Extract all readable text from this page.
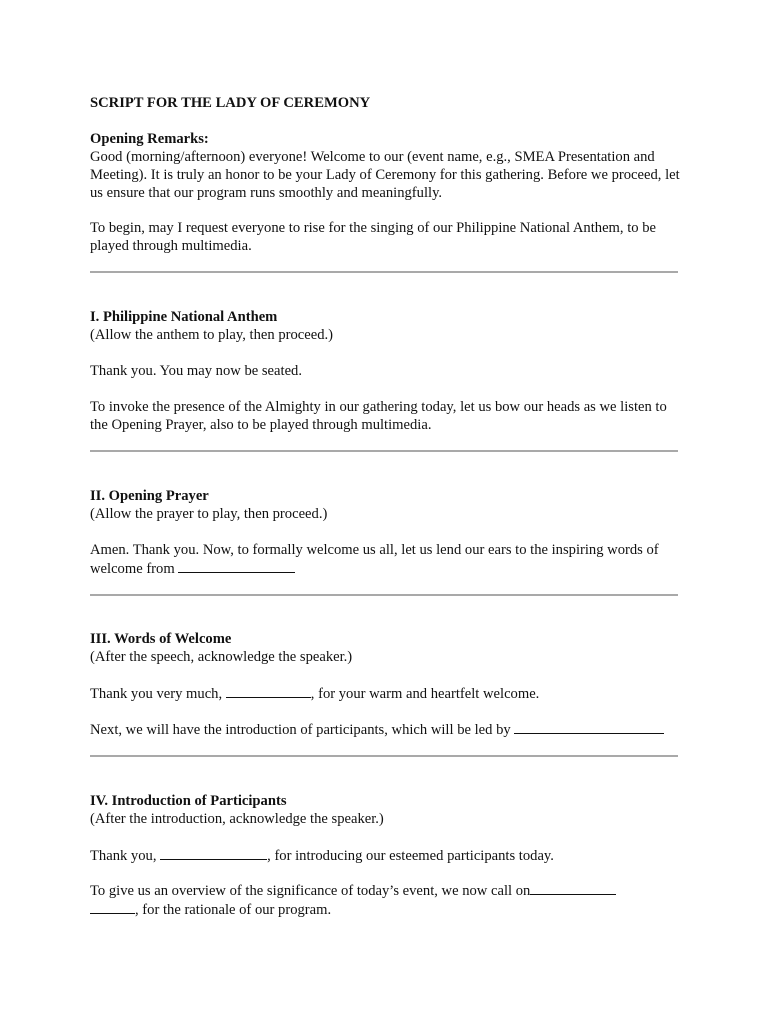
SCRIPT FOR THE LADY OF CEREMONY
Opening Remarks:
Good (morning/afternoon) everyone! Welcome to our (event name, e.g., SMEA Presentation and Meeting). It is truly an honor to be your Lady of Ceremony for this gathering. Before we proceed, let us ensure that our program runs smoothly and meaningfully.
To begin, may I request everyone to rise for the singing of our Philippine National Anthem, to be played through multimedia.
I. Philippine National Anthem
(Allow the anthem to play, then proceed.)
Thank you. You may now be seated.
To invoke the presence of the Almighty in our gathering today, let us bow our heads as we listen to the Opening Prayer, also to be played through multimedia.
II. Opening Prayer
(Allow the prayer to play, then proceed.)
Amen. Thank you. Now, to formally welcome us all, let us lend our ears to the inspiring words of welcome from
III. Words of Welcome
(After the speech, acknowledge the speaker.)
Thank you very much,	, for your warm and heartfelt welcome.
Next, we will have the introduction of participants, which will be led by
IV. Introduction of Participants
(After the introduction, acknowledge the speaker.)
Thank you,	, for introducing our esteemed participants today.
To give us an overview of the significance of today’s event, we now call on
, for the rationale of our program.
